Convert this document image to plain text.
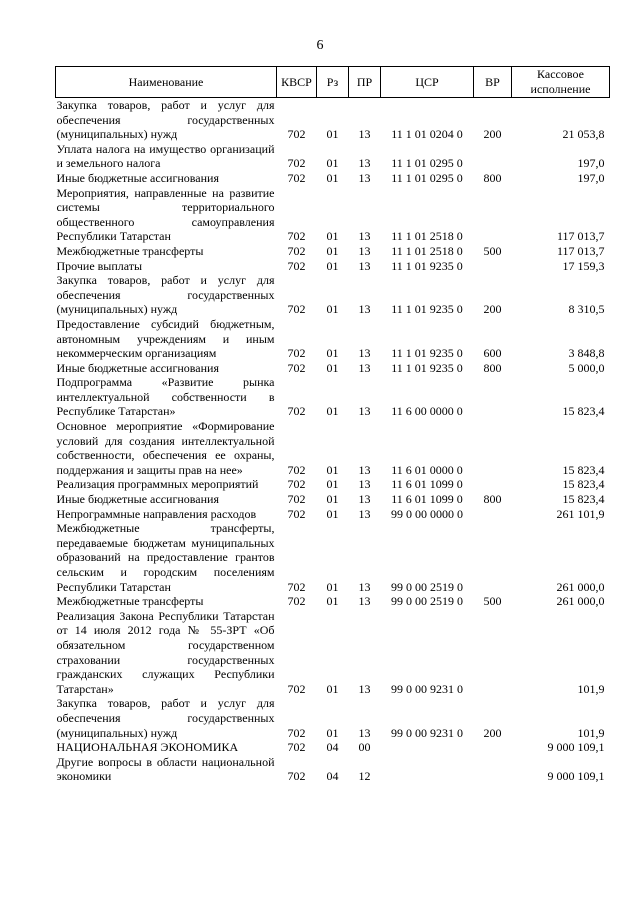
6
Наименование	КВСР	Рз	ПР	ЦСР	ВР	Кассовое исполнение
Закупка товаров, работ и услуг для обеспечения государственных (муниципальных) нужд	702	01	13	11 1 01 0204 0	200	21 053,8
Уплата налога на имущество организаций и земельного налога	702	01	13	11 1 01 0295 0		197,0
Иные бюджетные ассигнования	702	01	13	11 1 01 0295 0	800	197,0
Мероприятия, направленные на развитие системы территориального общественного самоуправления Республики Татарстан	702	01	13	11 1 01 2518 0		117 013,7
Межбюджетные трансферты	702	01	13	11 1 01 2518 0	500	117 013,7
Прочие выплаты	702	01	13	11 1 01 9235 0		17 159,3
Закупка товаров, работ и услуг для обеспечения государственных (муниципальных) нужд	702	01	13	11 1 01 9235 0	200	8 310,5
Предоставление субсидий бюджетным, автономным учреждениям и иным некоммерческим организациям	702	01	13	11 1 01 9235 0	600	3 848,8
Иные бюджетные ассигнования	702	01	13	11 1 01 9235 0	800	5 000,0
Подпрограмма «Развитие рынка интеллектуальной собственности в Республике Татарстан»	702	01	13	11 6 00 0000 0		15 823,4
Основное мероприятие «Формирование условий для создания интеллектуальной собственности, обеспечения ее охраны, поддержания и защиты прав на нее»	702	01	13	11 6 01 0000 0		15 823,4
Реализация программных мероприятий	702	01	13	11 6 01 1099 0		15 823,4
Иные бюджетные ассигнования	702	01	13	11 6 01 1099 0	800	15 823,4
Непрограммные направления расходов	702	01	13	99 0 00 0000 0		261 101,9
Межбюджетные трансферты, передаваемые бюджетам муниципальных образований на предоставление грантов сельским и городским поселениям Республики Татарстан	702	01	13	99 0 00 2519 0		261 000,0
Межбюджетные трансферты	702	01	13	99 0 00 2519 0	500	261 000,0
Реализация Закона Республики Татарстан от 14 июля 2012 года № 55-ЗРТ «Об обязательном государственном страховании государственных гражданских служащих Республики Татарстан»	702	01	13	99 0 00 9231 0		101,9
Закупка товаров, работ и услуг для обеспечения государственных (муниципальных) нужд	702	01	13	99 0 00 9231 0	200	101,9
НАЦИОНАЛЬНАЯ ЭКОНОМИКА	702	04	00			9 000 109,1
Другие вопросы в области национальной экономики	702	04	12			9 000 109,1
